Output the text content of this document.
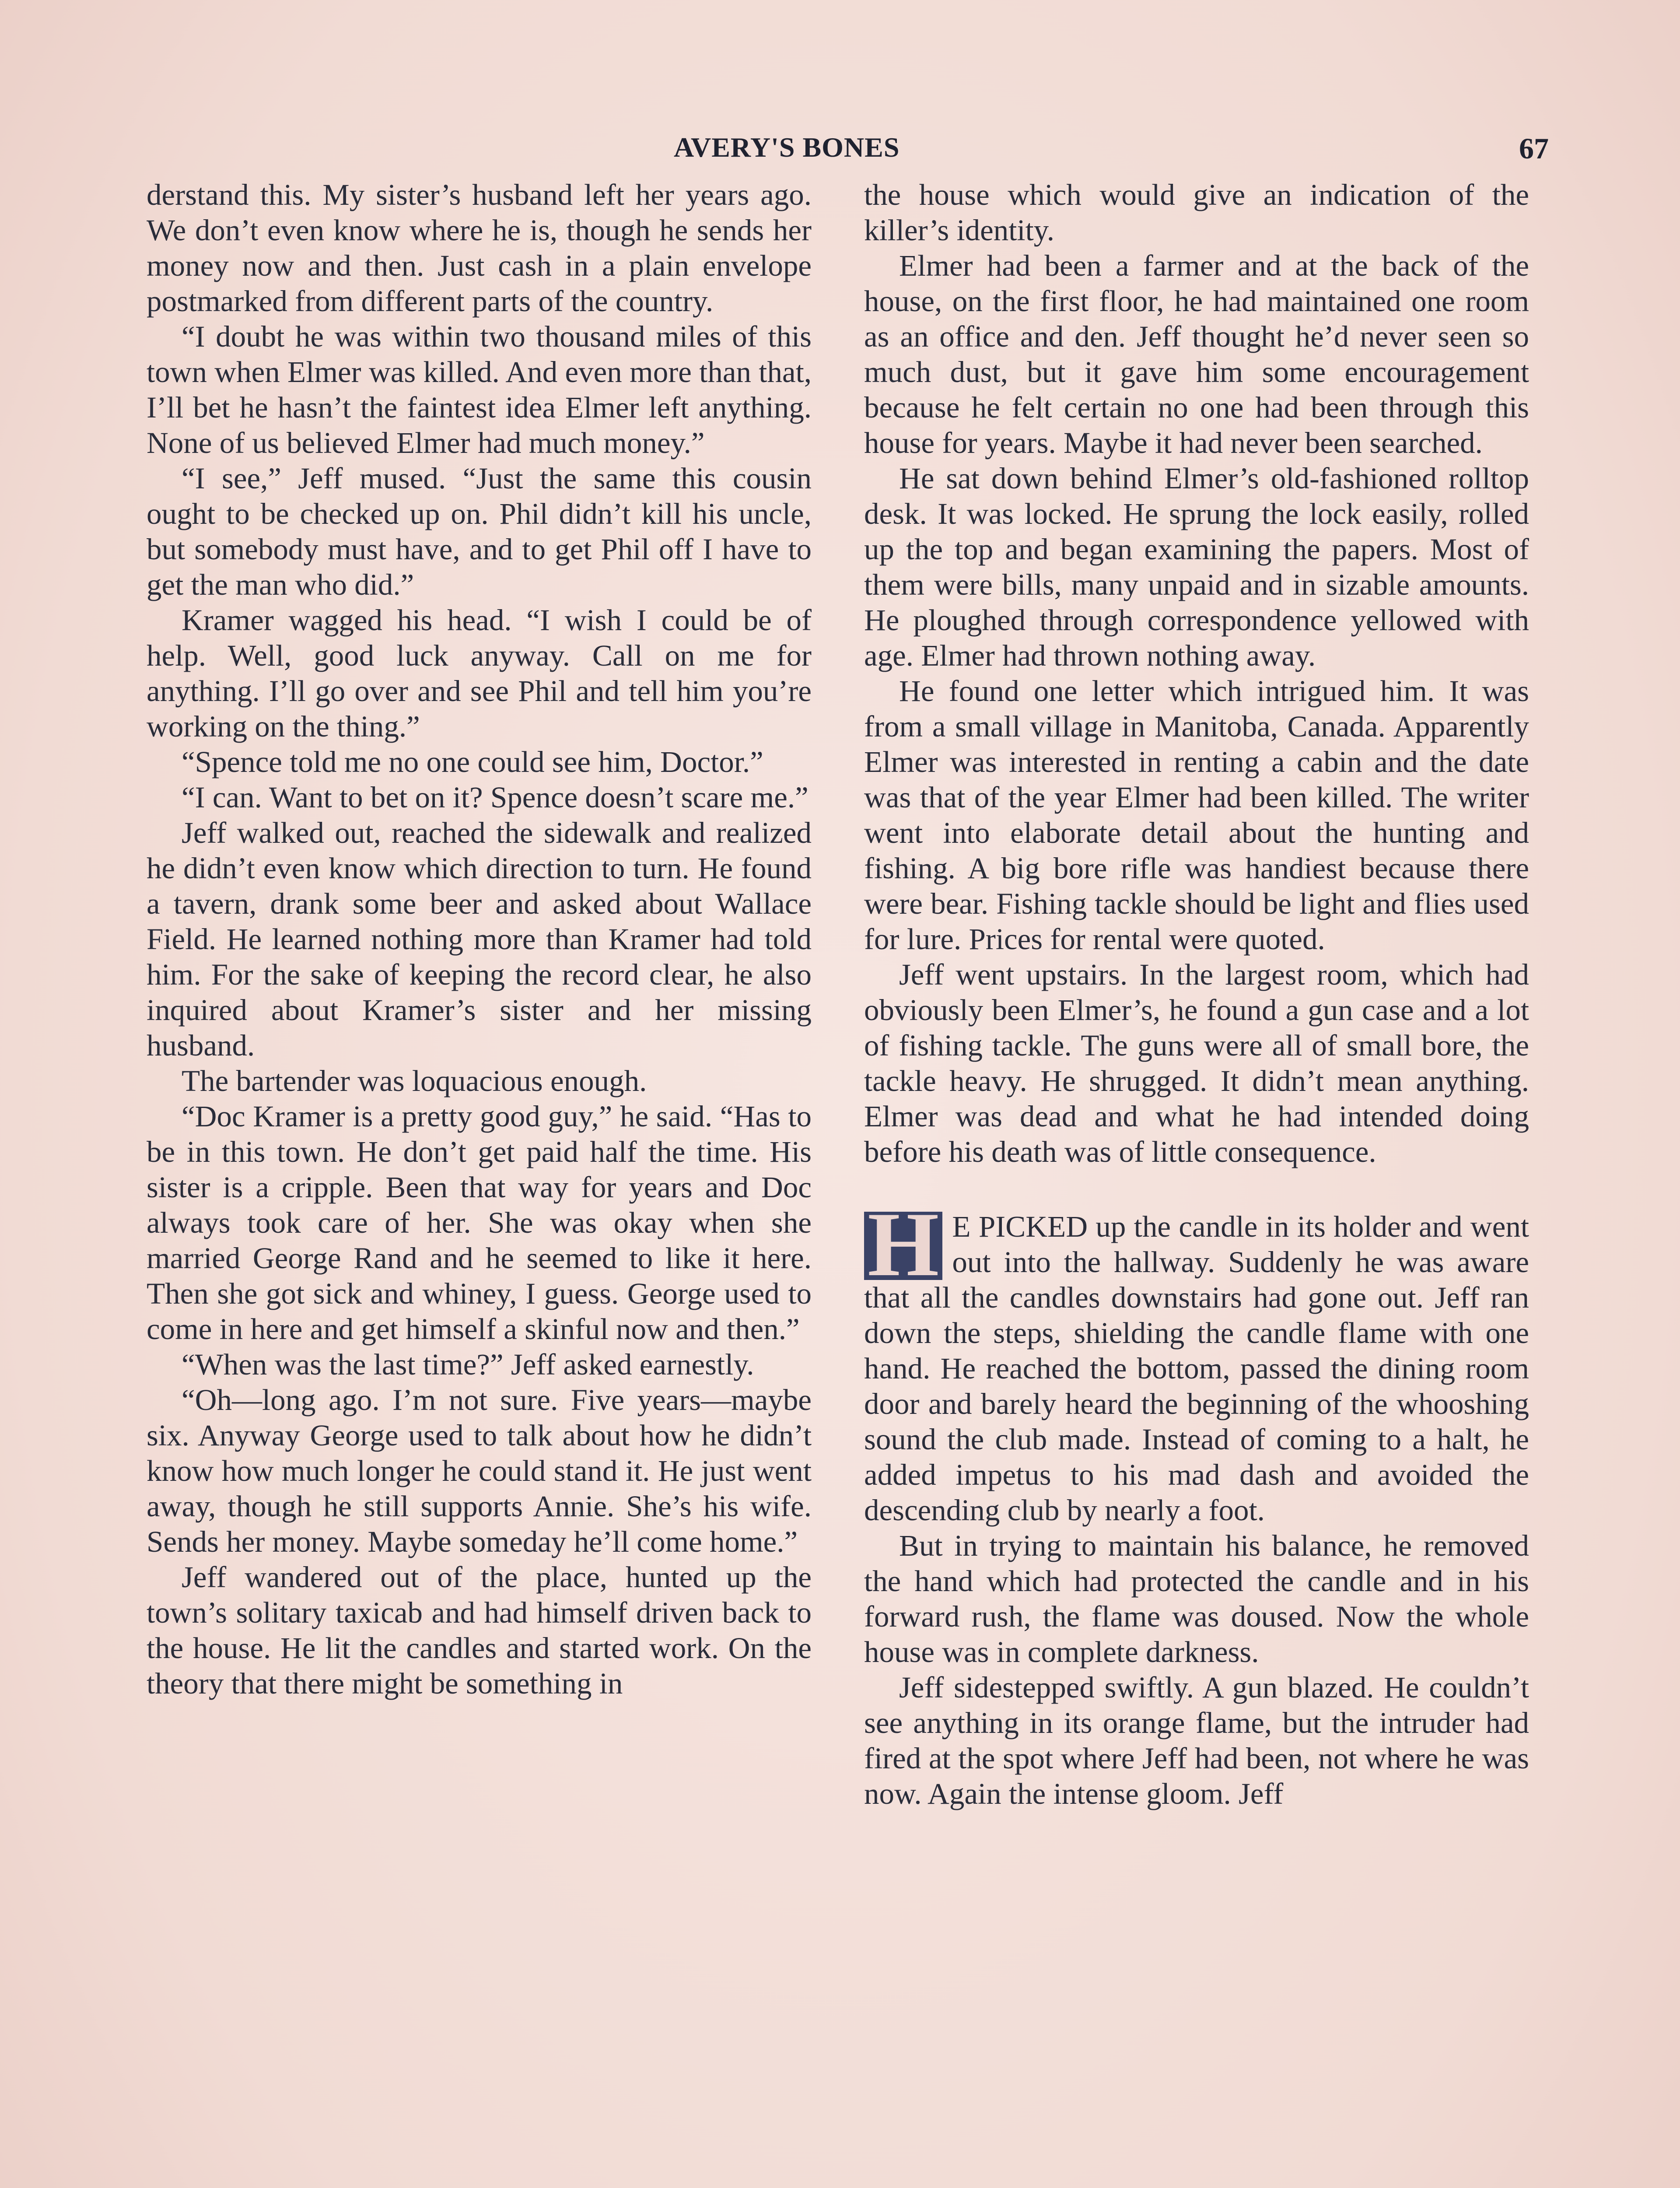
AVERY'S BONES	67

derstand this. My sister’s husband left her years ago. We don’t even know where he is, though he sends her money now and then. Just cash in a plain envelope postmarked from different parts of the country.

“I doubt he was within two thousand miles of this town when Elmer was killed. And even more than that, I’ll bet he hasn’t the faintest idea Elmer left anything. None of us believed Elmer had much money.”

“I see,” Jeff mused. “Just the same this cousin ought to be checked up on. Phil didn’t kill his uncle, but somebody must have, and to get Phil off I have to get the man who did.”

Kramer wagged his head. “I wish I could be of help. Well, good luck anyway. Call on me for anything. I’ll go over and see Phil and tell him you’re working on the thing.”

“Spence told me no one could see him, Doctor.”

“I can. Want to bet on it? Spence doesn’t scare me.”

Jeff walked out, reached the sidewalk and realized he didn’t even know which direction to turn. He found a tavern, drank some beer and asked about Wallace Field. He learned nothing more than Kramer had told him. For the sake of keeping the record clear, he also inquired about Kramer’s sister and her missing husband.

The bartender was loquacious enough.

“Doc Kramer is a pretty good guy,” he said. “Has to be in this town. He don’t get paid half the time. His sister is a cripple. Been that way for years and Doc always took care of her. She was okay when she married George Rand and he seemed to like it here. Then she got sick and whiney, I guess. George used to come in here and get himself a skinful now and then.”

“When was the last time?” Jeff asked earnestly.

“Oh—long ago. I’m not sure. Five years—maybe six. Anyway George used to talk about how he didn’t know how much longer he could stand it. He just went away, though he still supports Annie. She’s his wife. Sends her money. Maybe someday he’ll come home.”

Jeff wandered out of the place, hunted up the town’s solitary taxicab and had himself driven back to the house. He lit the candles and started work. On the theory that there might be something in

the house which would give an indication of the killer’s identity.

Elmer had been a farmer and at the back of the house, on the first floor, he had maintained one room as an office and den. Jeff thought he’d never seen so much dust, but it gave him some encouragement because he felt certain no one had been through this house for years. Maybe it had never been searched.

He sat down behind Elmer’s old-fashioned rolltop desk. It was locked. He sprung the lock easily, rolled up the top and began examining the papers. Most of them were bills, many unpaid and in sizable amounts. He ploughed through correspondence yellowed with age. Elmer had thrown nothing away.

He found one letter which intrigued him. It was from a small village in Manitoba, Canada. Apparently Elmer was interested in renting a cabin and the date was that of the year Elmer had been killed. The writer went into elaborate detail about the hunting and fishing. A big bore rifle was handiest because there were bear. Fishing tackle should be light and flies used for lure. Prices for rental were quoted.

Jeff went upstairs. In the largest room, which had obviously been Elmer’s, he found a gun case and a lot of fishing tackle. The guns were all of small bore, the tackle heavy. He shrugged. It didn’t mean anything. Elmer was dead and what he had intended doing before his death was of little consequence.

H E PICKED up the candle in its holder and went out into the hallway. Suddenly he was aware that all the candles downstairs had gone out. Jeff ran down the steps, shielding the candle flame with one hand. He reached the bottom, passed the dining room door and barely heard the beginning of the whooshing sound the club made. Instead of coming to a halt, he added impetus to his mad dash and avoided the descending club by nearly a foot.

But in trying to maintain his balance, he removed the hand which had protected the candle and in his forward rush, the flame was doused. Now the whole house was in complete darkness.

Jeff sidestepped swiftly. A gun blazed. He couldn’t see anything in its orange flame, but the intruder had fired at the spot where Jeff had been, not where he was now. Again the intense gloom. Jeff
